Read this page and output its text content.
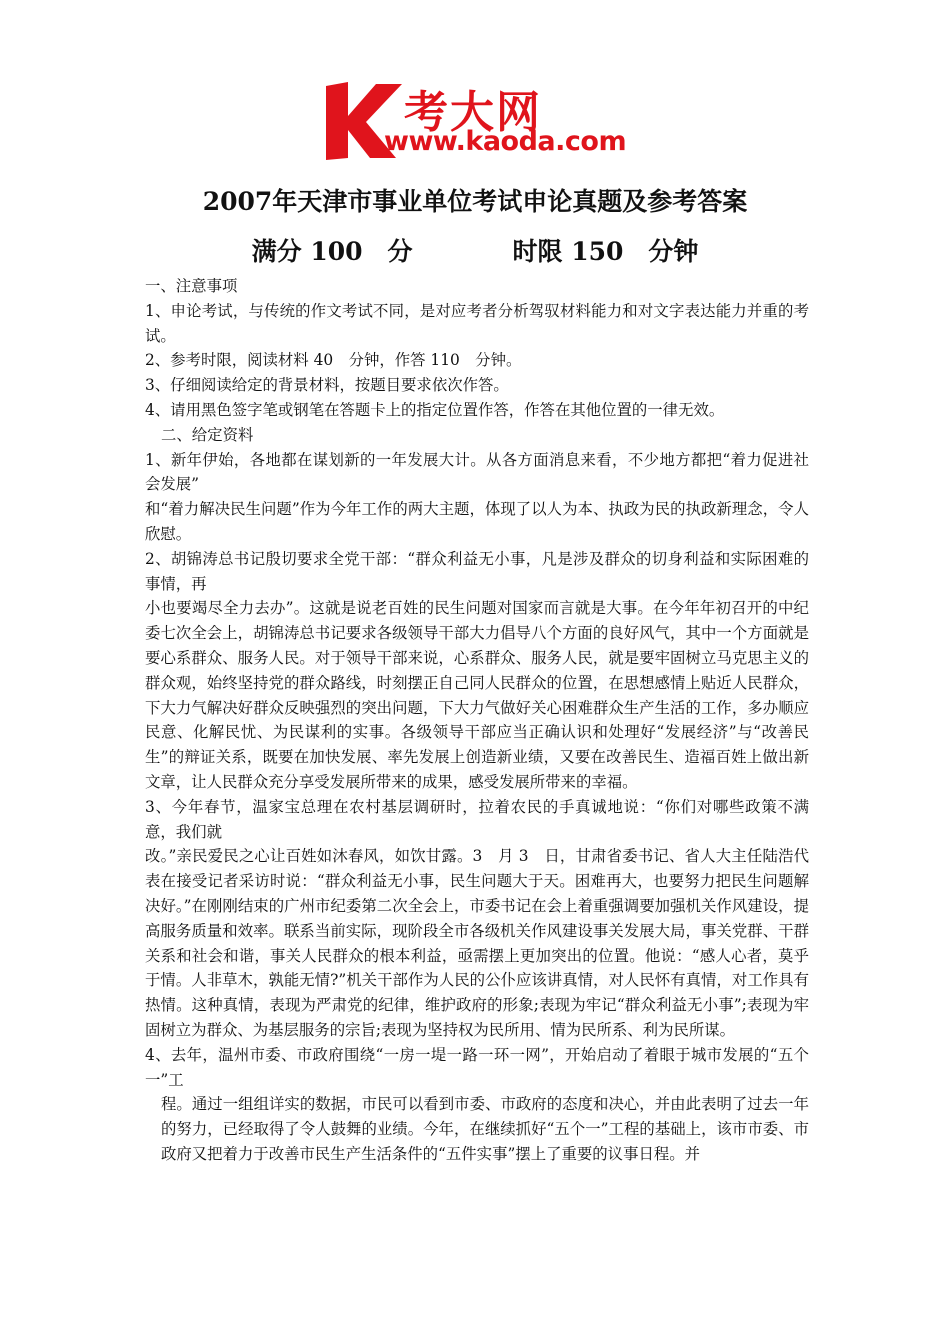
考大网
www.kaoda.com
2007年天津市事业单位考试申论真题及参考答案
满分 100　分　　　　时限 150　分钟

一、注意事项

1、申论考试，与传统的作文考试不同，是对应考者分析驾驭材料能力和对文字表达能力并重的考试。

2、参考时限，阅读材料 40　分钟，作答 110　分钟。

3、仔细阅读给定的背景材料，按题目要求依次作答。

4、请用黑色签字笔或钢笔在答题卡上的指定位置作答，作答在其他位置的一律无效。

二、给定资料

1、新年伊始，各地都在谋划新的一年发展大计。从各方面消息来看，不少地方都把“着力促进社会发展”

和“着力解决民生问题”作为今年工作的两大主题，体现了以人为本、执政为民的执政新理念，令人欣慰。

2、胡锦涛总书记殷切要求全党干部：“群众利益无小事，凡是涉及群众的切身利益和实际困难的事情，再

小也要竭尽全力去办”。这就是说老百姓的民生问题对国家而言就是大事。在今年年初召开的中纪委七次全会上，胡锦涛总书记要求各级领导干部大力倡导八个方面的良好风气，其中一个方面就是要心系群众、服务人民。对于领导干部来说，心系群众、服务人民，就是要牢固树立马克思主义的群众观，始终坚持党的群众路线，时刻摆正自己同人民群众的位置，在思想感情上贴近人民群众，下大力气解决好群众反映强烈的突出问题，下大力气做好关心困难群众生产生活的工作，多办顺应民意、化解民忧、为民谋利的实事。各级领导干部应当正确认识和处理好“发展经济”与“改善民生”的辩证关系，既要在加快发展、率先发展上创造新业绩，又要在改善民生、造福百姓上做出新文章，让人民群众充分享受发展所带来的成果，感受发展所带来的幸福。

3、今年春节，温家宝总理在农村基层调研时，拉着农民的手真诚地说：“你们对哪些政策不满意，我们就

改。”亲民爱民之心让百姓如沐春风，如饮甘露。3　月 3　日，甘肃省委书记、省人大主任陆浩代表在接受记者采访时说：“群众利益无小事，民生问题大于天。困难再大，也要努力把民生问题解决好。”在刚刚结束的广州市纪委第二次全会上，市委书记在会上着重强调要加强机关作风建设，提高服务质量和效率。联系当前实际，现阶段全市各级机关作风建设事关发展大局，事关党群、干群关系和社会和谐，事关人民群众的根本利益，亟需摆上更加突出的位置。他说：“感人心者，莫乎于情。人非草木，孰能无情?”机关干部作为人民的公仆应该讲真情，对人民怀有真情，对工作具有热情。这种真情，表现为严肃党的纪律，维护政府的形象;表现为牢记“群众利益无小事”;表现为牢固树立为群众、为基层服务的宗旨;表现为坚持权为民所用、情为民所系、利为民所谋。

4、去年，温州市委、市政府围绕“一房一堤一路一环一网”，开始启动了着眼于城市发展的“五个一”工

程。通过一组组详实的数据，市民可以看到市委、市政府的态度和决心，并由此表明了过去一年的努力，已经取得了令人鼓舞的业绩。今年，在继续抓好“五个一”工程的基础上，该市市委、市政府又把着力于改善市民生产生活条件的“五件实事”摆上了重要的议事日程。并
